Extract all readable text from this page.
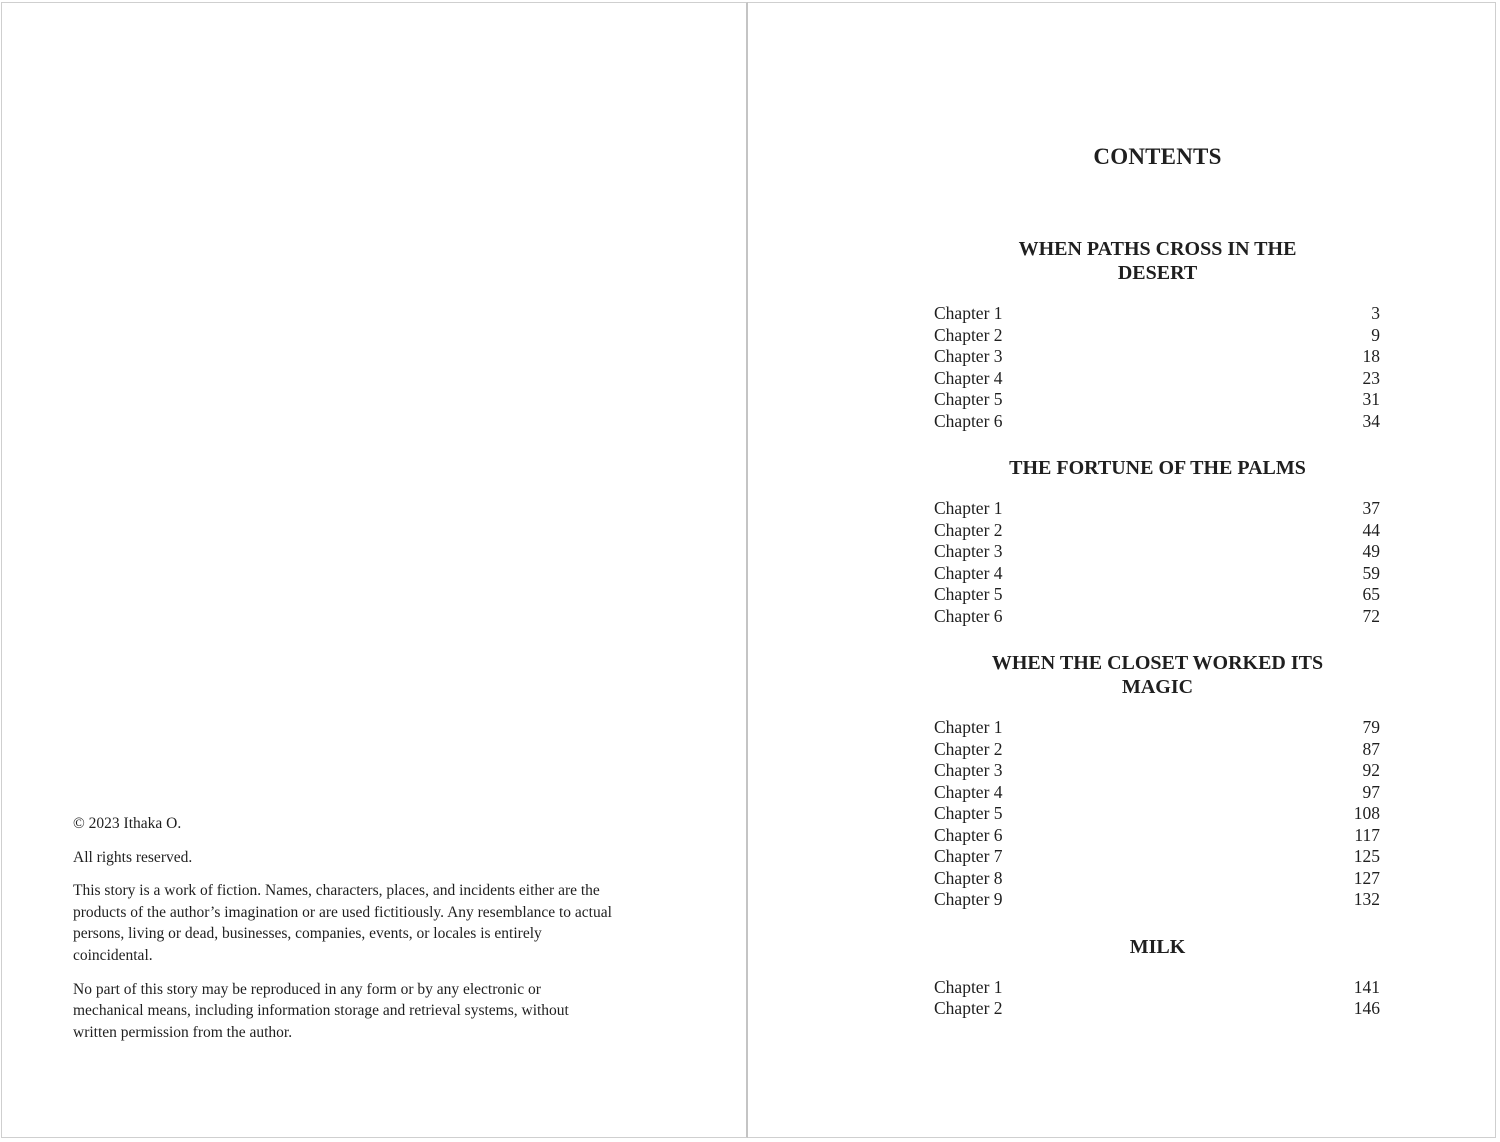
© 2023 Ithaka O.

All rights reserved.

This story is a work of fiction. Names, characters, places, and incidents either are the products of the author’s imagination or are used fictitiously. Any resemblance to actual persons, living or dead, businesses, companies, events, or locales is entirely coincidental.

No part of this story may be reproduced in any form or by any electronic or mechanical means, including information storage and retrieval systems, without written permission from the author.

CONTENTS
WHEN PATHS CROSS IN THE DESERT
Chapter 1	3
Chapter 2	9
Chapter 3	18
Chapter 4	23
Chapter 5	31
Chapter 6	34
THE FORTUNE OF THE PALMS
Chapter 1	37
Chapter 2	44
Chapter 3	49
Chapter 4	59
Chapter 5	65
Chapter 6	72
WHEN THE CLOSET WORKED ITS MAGIC
Chapter 1	79
Chapter 2	87
Chapter 3	92
Chapter 4	97
Chapter 5	108
Chapter 6	117
Chapter 7	125
Chapter 8	127
Chapter 9	132
MILK
Chapter 1	141
Chapter 2	146
